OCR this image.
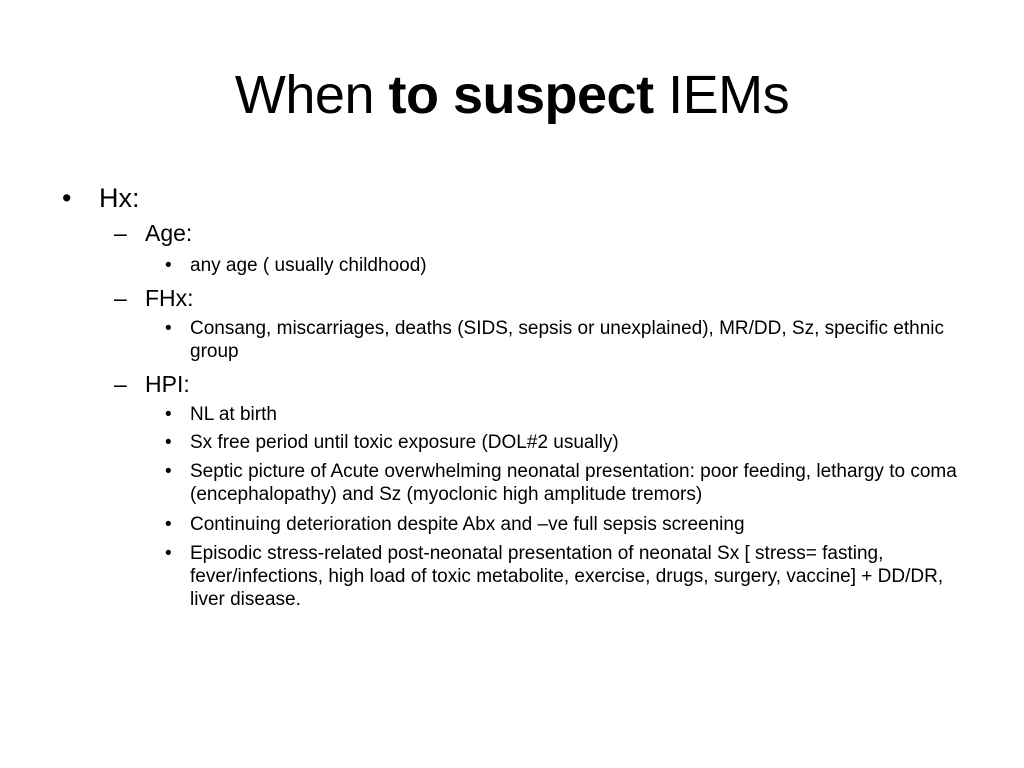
When to suspect IEMs
•	Hx:
– Age:
• any age ( usually childhood)
– FHx:
• Consang, miscarriages, deaths (SIDS, sepsis or unexplained), MR/DD, Sz, specific ethnic group
– HPI:
• NL at birth
• Sx free period until toxic exposure (DOL#2 usually)
• Septic picture of Acute overwhelming neonatal presentation: poor feeding, lethargy to coma (encephalopathy) and Sz (myoclonic high amplitude tremors)
• Continuing deterioration despite Abx and –ve full sepsis screening
• Episodic stress-related post-neonatal presentation of neonatal Sx [ stress= fasting, fever/infections, high load of toxic metabolite, exercise, drugs, surgery, vaccine] + DD/DR, liver disease.
